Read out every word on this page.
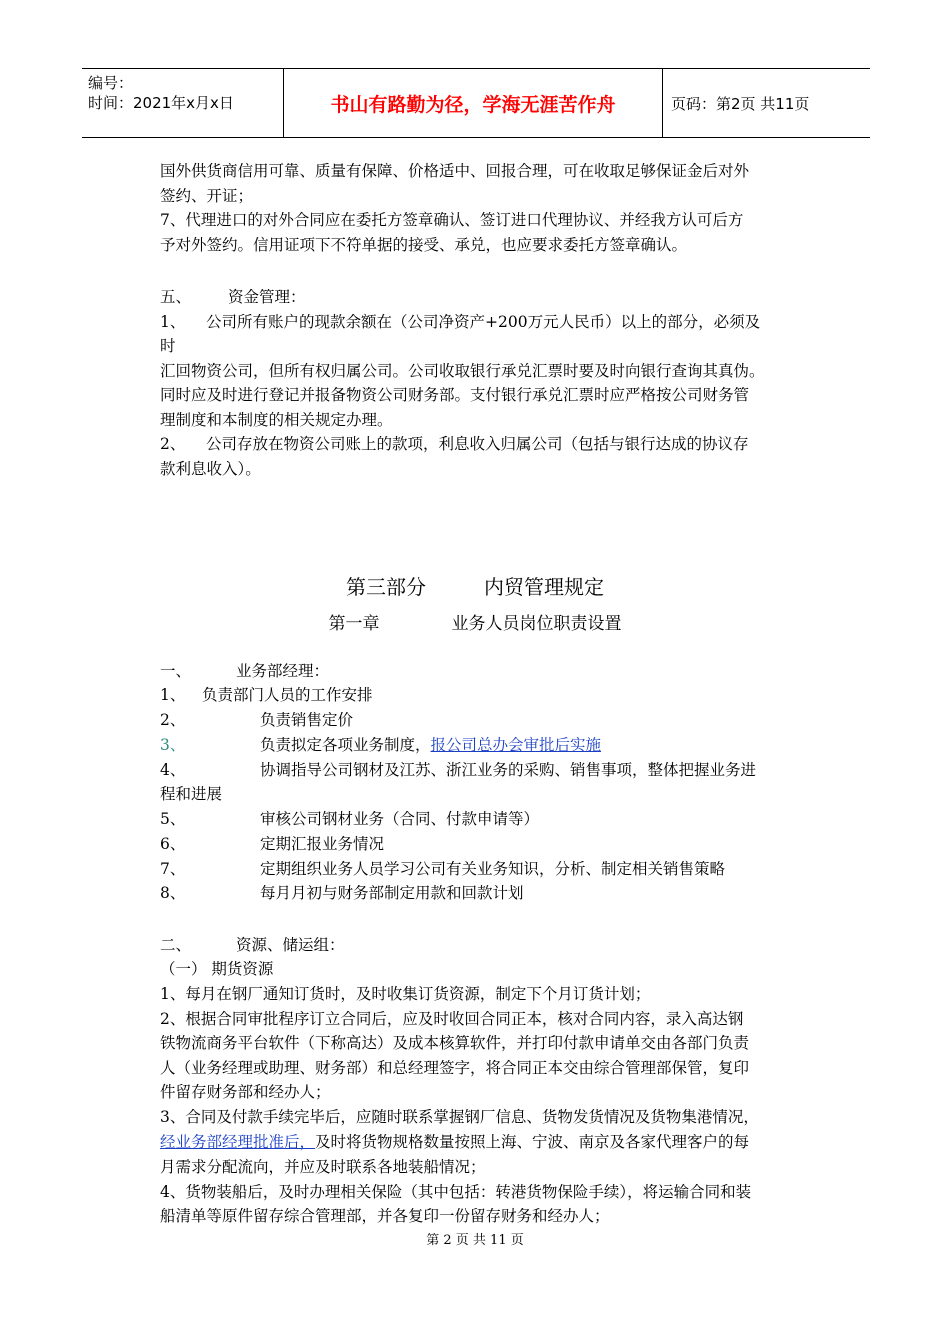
编号：
时间：2021年x月x日	书山有路勤为径，学海无涯苦作舟	页码：第2页 共11页
国外供货商信用可靠、质量有保障、价格适中、回报合理，可在收取足够保证金后对外
签约、开证；
7、代理进口的对外合同应在委托方签章确认、签订进口代理协议、并经我方认可后方
予对外签约。信用证项下不符单据的接受、承兑，也应要求委托方签章确认。
五、 资金管理：
1、 公司所有账户的现款余额在（公司净资产+200万元人民币）以上的部分，必须及
时
汇回物资公司，但所有权归属公司。公司收取银行承兑汇票时要及时向银行查询其真伪。
同时应及时进行登记并报备物资公司财务部。支付银行承兑汇票时应严格按公司财务管
理制度和本制度的相关规定办理。
2、 公司存放在物资公司账上的款项，利息收入归属公司（包括与银行达成的协议存
款利息收入）。
第三部分	内贸管理规定
第一章	业务人员岗位职责设置
一、	业务部经理：
1、 负责部门人员的工作安排
2、	负责销售定价
3、	负责拟定各项业务制度，报公司总办会审批后实施
4、	协调指导公司钢材及江苏、浙江业务的采购、销售事项，整体把握业务进
程和进展
5、	审核公司钢材业务（合同、付款申请等）
6、	定期汇报业务情况
7、	定期组织业务人员学习公司有关业务知识，分析、制定相关销售策略
8、	每月月初与财务部制定用款和回款计划
二、	资源、储运组：
（一） 期货资源
1、每月在钢厂通知订货时，及时收集订货资源，制定下个月订货计划；
2、根据合同审批程序订立合同后，应及时收回合同正本，核对合同内容，录入高达钢
铁物流商务平台软件（下称高达）及成本核算软件，并打印付款申请单交由各部门负责
人（业务经理或助理、财务部）和总经理签字，将合同正本交由综合管理部保管，复印
件留存财务部和经办人；
3、合同及付款手续完毕后，应随时联系掌握钢厂信息、货物发货情况及货物集港情况，
经业务部经理批准后，及时将货物规格数量按照上海、宁波、南京及各家代理客户的每
月需求分配流向，并应及时联系各地装船情况；
4、货物装船后，及时办理相关保险（其中包括：转港货物保险手续），将运输合同和装
船清单等原件留存综合管理部，并各复印一份留存财务和经办人；
第 2 页 共 11 页
